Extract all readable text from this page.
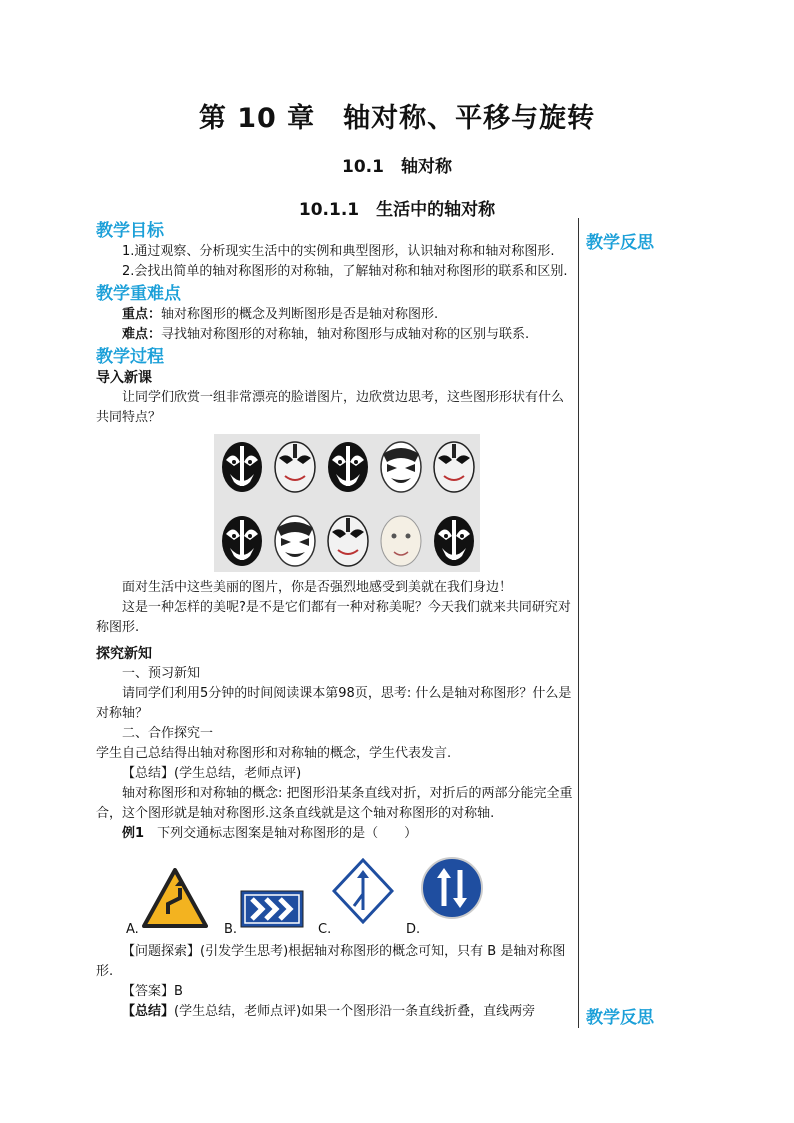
第 10 章　轴对称、平移与旋转
10.1　轴对称
10.1.1　生活中的轴对称
教学反思
教学反思
教学目标

1.通过观察、分析现实生活中的实例和典型图形，认识轴对称和轴对称图形.

2.会找出简单的轴对称图形的对称轴，了解轴对称和轴对称图形的联系和区别.

教学重难点

重点：轴对称图形的概念及判断图形是否是轴对称图形.

难点：寻找轴对称图形的对称轴，轴对称图形与成轴对称的区别与联系.

教学过程
导入新课

让同学们欣赏一组非常漂亮的脸谱图片，边欣赏边思考，这些图形形状有什么共同特点？

面对生活中这些美丽的图片，你是否强烈地感受到美就在我们身边！

这是一种怎样的美呢?是不是它们都有一种对称美呢？今天我们就来共同研究对称图形.

探究新知

一、预习新知

请同学们利用5分钟的时间阅读课本第98页，思考: 什么是轴对称图形？什么是对称轴？

二、合作探究一

学生自己总结得出轴对称图形和对称轴的概念，学生代表发言.

【总结】(学生总结，老师点评)

轴对称图形和对称轴的概念: 把图形沿某条直线对折，对折后的两部分能完全重合，这个图形就是轴对称图形.这条直线就是这个轴对称图形的对称轴.

例1　 下列交通标志图案是轴对称图形的是（　　）

A.	B.	C.	D.

【问题探索】(引发学生思考)根据轴对称图形的概念可知，只有 B 是轴对称图形.

【答案】B

【总结】(学生总结，老师点评)如果一个图形沿一条直线折叠，直线两旁
